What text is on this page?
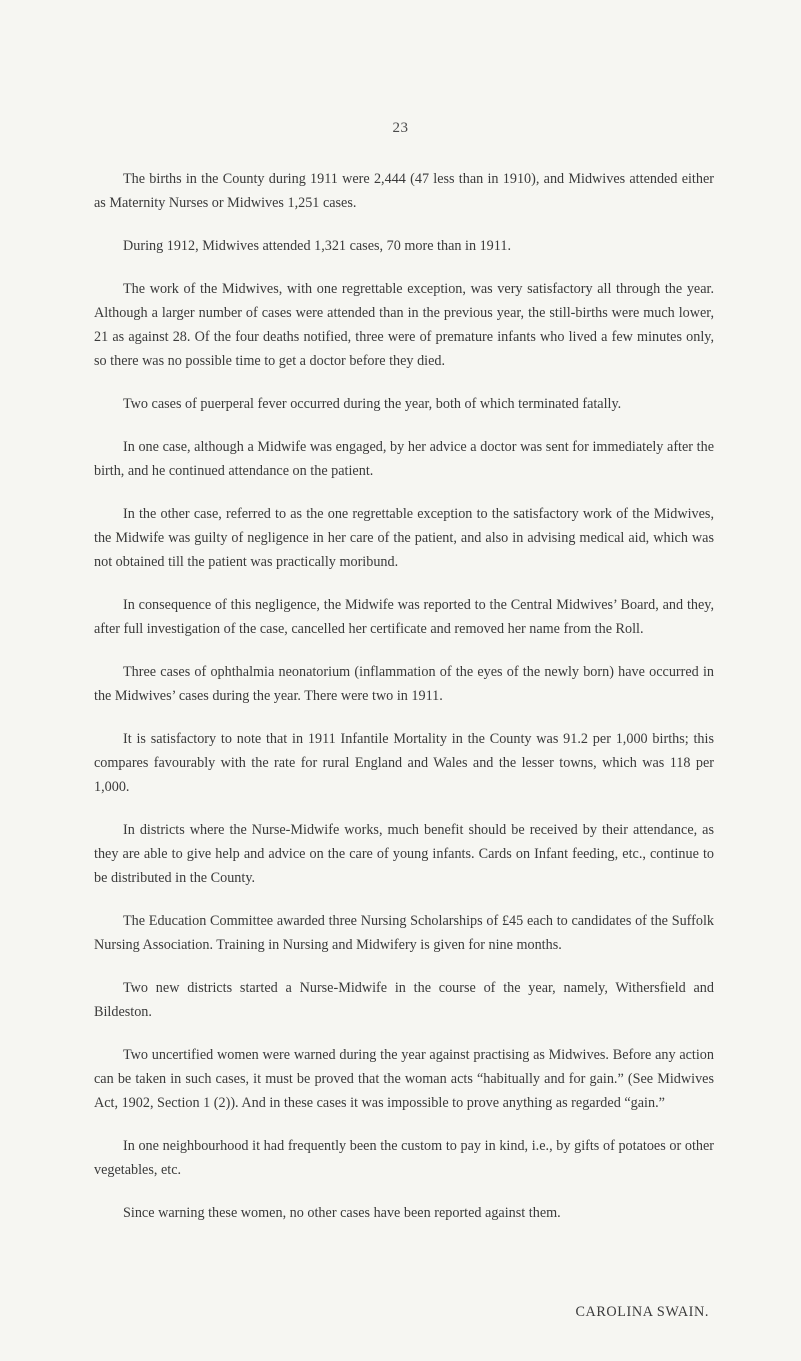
23

The births in the County during 1911 were 2,444 (47 less than in 1910), and Midwives attended either as Maternity Nurses or Midwives 1,251 cases.

During 1912, Midwives attended 1,321 cases, 70 more than in 1911.

The work of the Midwives, with one regrettable exception, was very satisfactory all through the year. Although a larger number of cases were attended than in the previous year, the still-births were much lower, 21 as against 28. Of the four deaths notified, three were of premature infants who lived a few minutes only, so there was no possible time to get a doctor before they died.

Two cases of puerperal fever occurred during the year, both of which terminated fatally.

In one case, although a Midwife was engaged, by her advice a doctor was sent for immediately after the birth, and he continued attendance on the patient.

In the other case, referred to as the one regrettable exception to the satisfactory work of the Midwives, the Midwife was guilty of negligence in her care of the patient, and also in advising medical aid, which was not obtained till the patient was practically moribund.

In consequence of this negligence, the Midwife was reported to the Central Midwives’ Board, and they, after full investigation of the case, cancelled her certificate and removed her name from the Roll.

Three cases of ophthalmia neonatorium (inflammation of the eyes of the newly born) have occurred in the Midwives’ cases during the year. There were two in 1911.

It is satisfactory to note that in 1911 Infantile Mortality in the County was 91.2 per 1,000 births; this compares favourably with the rate for rural England and Wales and the lesser towns, which was 118 per 1,000.

In districts where the Nurse-Midwife works, much benefit should be received by their attendance, as they are able to give help and advice on the care of young infants. Cards on Infant feeding, etc., continue to be distributed in the County.

The Education Committee awarded three Nursing Scholarships of £45 each to candidates of the Suffolk Nursing Association. Training in Nursing and Midwifery is given for nine months.

Two new districts started a Nurse-Midwife in the course of the year, namely, Withersfield and Bildeston.

Two uncertified women were warned during the year against practising as Midwives. Before any action can be taken in such cases, it must be proved that the woman acts “habitually and for gain.” (See Midwives Act, 1902, Section 1 (2)). And in these cases it was impossible to prove anything as regarded “gain.”

In one neighbourhood it had frequently been the custom to pay in kind, i.e., by gifts of potatoes or other vegetables, etc.

Since warning these women, no other cases have been reported against them.

CAROLINA SWAIN.
